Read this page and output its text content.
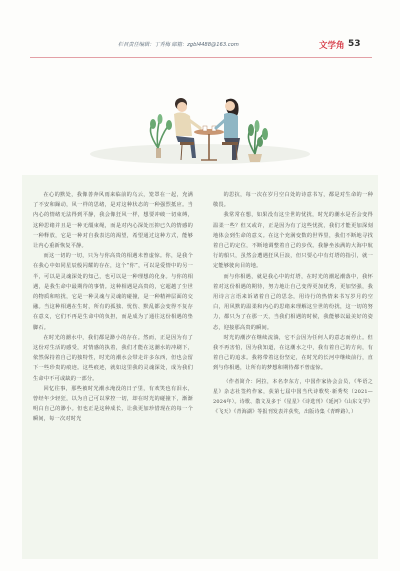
栏目责任编辑：丁秀梅 邮箱：zgbl4488@163.com	文学角 53

在心的默处，我像善奔风雨来临前的乌云，笼罩在一起，充满了不安和躁动，风一样的思绪，是对这种状态的一种强烈抵应。当内心的情绪无法得到平静，我会像狂风一样，想要冲破一切束缚，这种思绪并且是一种无缰束绳，而是对内心深处压抑已久的情感的一种释放，它是一种对自我表达的渴望，希望通过这种方式，能够让内心重新恢复平静。

而这一切的一切，只为与你高贵的相遇未曾虚惊。你，是我个在我心中如同星辰般闪耀的存在，这个“你”，可以是爱情中的另一半，可以是灵魂深处的知己，也可以是一种理想的化身。与你的相遇，是我生命中最期待的事情。这种相遇是高贵的，它超越了尘世的物质和喧扰，它是一种灵魂与灵魂的碰撞，是一种精神层面的交融。当这种相遇在生时，所有的孤独、忧伤、默乱都会变得不复存在意义，它们不再是生命中的负担，而是成为了通往这份相遇的垫脚石。

在时光的潮水中，我们都是渺小的存在。然而，正是因为有了这份对生活的感受，对情感的执着，我们才能在这潮水的冲刷下，依然保持着自己的独特性，时光的潮水会带走许多东西，但也会留下一些珍贵的痕迹。这些痕迹，就如这里我的灵魂深处，成为我们生命中不可或缺的一部分。

回忆往事，那些被时光潮水淹没的日子里，有欢笑也有泪水，曾经年少轻狂，以为自己可以掌控一切，却在时光的碰撞下，渐渐明白自己的渺小。但也正是这种成长，让我更加珍惜现在的每一个瞬间，每一次对时光

的思抗，每一次在岁月空白处的诗意书写，都是对生命的一种敬畏。

我常常在想，如果没有这尘世的忧扰，时光的潮水是否会变得温柔一些？但又或许，正是因为有了这些忧扰，我们才能更加深刻地体会到生命的意义。在这个充满变数的世界里，我们不断地寻找着自己的定位，不断地调整着自己的步伐。我静坐浊满的大海中航行的船只，虽然会遭遇狂风巨浪，但只要心中有灯塔的指引，就一定能够驶向目的地。

而与你相遇，就是我心中的灯塔，在时光的潮起潮落中，我怀着对这份相遇的期待，努力地让自己变得更加优秀，更加坚强，我用诗言言语来诉诸着自己的思念，用诗行的热情来书写岁月的空白，用风默的温柔和内心的思绪来理解这尘世的纷扰，这一切的努力，都只为了在那一天，当我们相遇的时候，我能够以最美好的姿态，迎接那高贵的瞬间。

时光的潮汐在继续流淌，它不会因为任何人的意志而停止。但我不再害怕，因为我知道，在这潮水之中，我有着自己的方向，有着自己的追求。我将带着这份坚定，在时光的长河中继续前行，直到与你相遇，让所有的梦想和期待都不曾虚惊。

（作者简介：阿拉，本名李东方，中国作家协会会员，《华语之星》杂志社签约作家，获第七届中国当代诗歌奖·新秀奖（2021—2024年）。诗歌、散文及多于《星星》《诗选刊》《延河》《山东文学》《飞天》《青海湖》等报刊发表并获奖，出版诗集《青畔路》。）
